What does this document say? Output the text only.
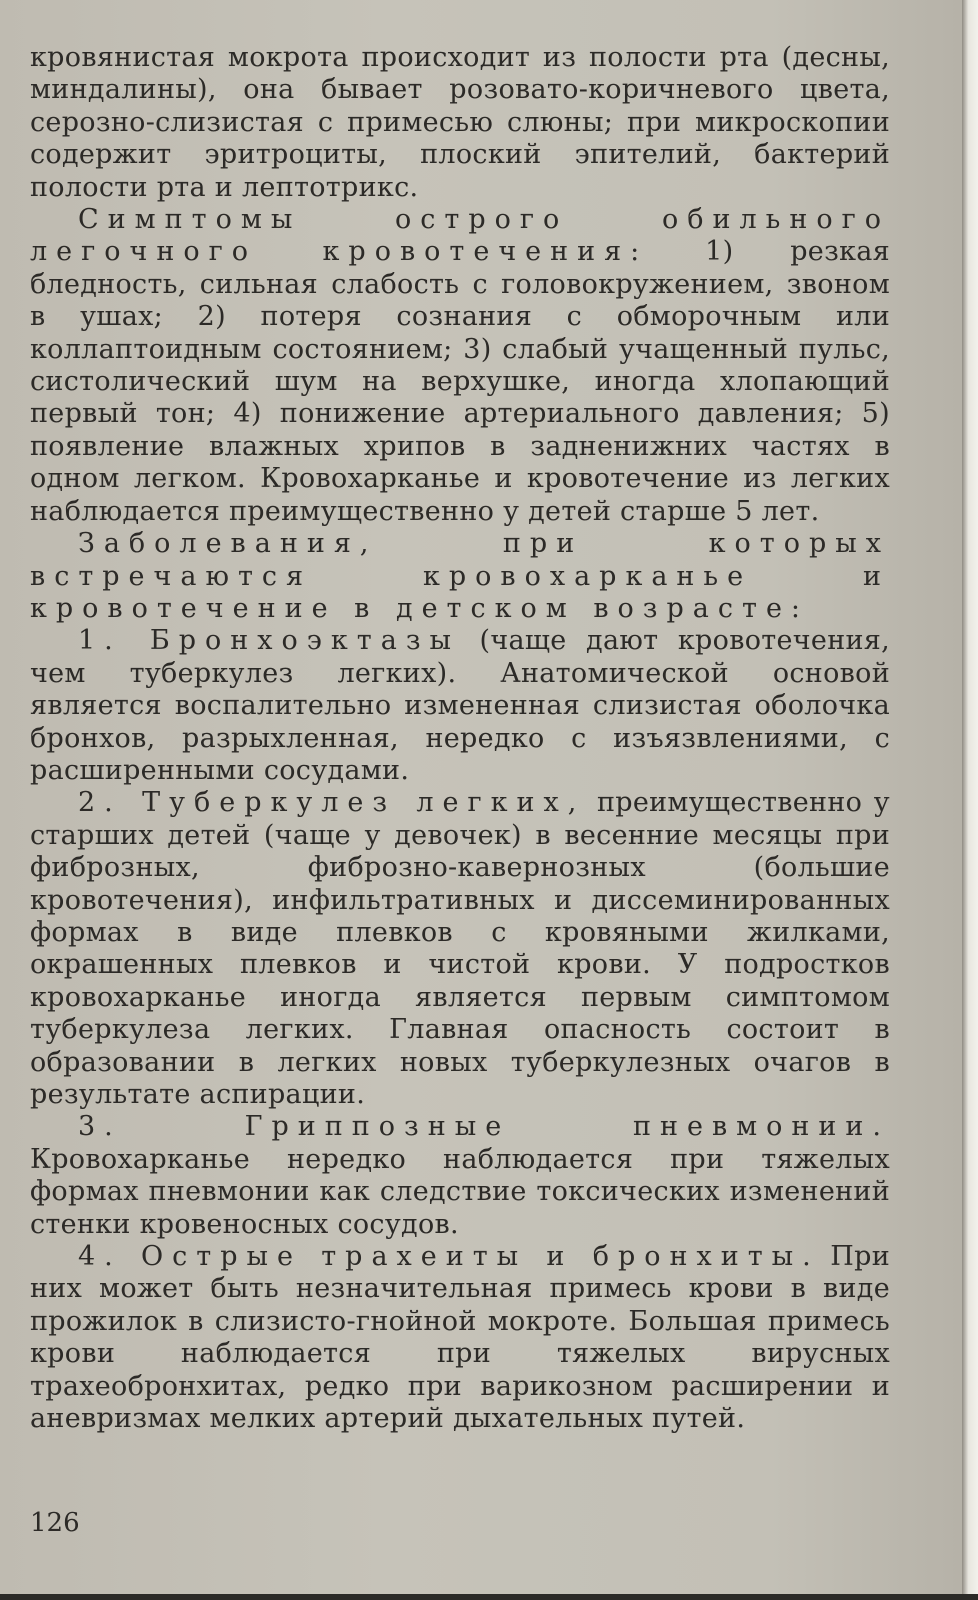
кровянистая мокрота происходит из полости рта (десны, миндалины), она бывает розовато-коричневого цвета, серозно-слизистая с примесью слюны; при микроскопии содержит эритроциты, плоский эпителий, бактерий полости рта и лептотрикс.

Симптомы острого обильного легочного кровотечения: 1) резкая бледность, сильная слабость с головокружением, звоном в ушах; 2) потеря сознания с обморочным или коллаптоидным состоянием; 3) слабый учащенный пульс, систолический шум на верхушке, иногда хлопающий первый тон; 4) понижение артериального давления; 5) появление влажных хрипов в задненижних частях в одном легком. Кровохарканье и кровотечение из легких наблюдается преимущественно у детей старше 5 лет.

Заболевания, при которых встречаются кровохарканье и кровотечение в детском возрасте:

1. Бронхоэктазы (чаще дают кровотечения, чем туберкулез легких). Анатомической основой является воспалительно измененная слизистая оболочка бронхов, разрыхленная, нередко с изъязвлениями, с расширенными сосудами.

2. Туберкулез легких, преимущественно у старших детей (чаще у девочек) в весенние месяцы при фиброзных, фиброзно-кавернозных (большие кровотечения), инфильтративных и диссеминированных формах в виде плевков с кровяными жилками, окрашенных плевков и чистой крови. У подростков кровохарканье иногда является первым симптомом туберкулеза легких. Главная опасность состоит в образовании в легких новых туберкулезных очагов в результате аспирации.

3. Гриппозные пневмонии. Кровохарканье нередко наблюдается при тяжелых формах пневмонии как следствие токсических изменений стенки кровеносных сосудов.

4. Острые трахеиты и бронхиты. При них может быть незначительная примесь крови в виде прожилок в слизисто-гнойной мокроте. Большая примесь крови наблюдается при тяжелых вирусных трахеобронхитах, редко при варикозном расширении и аневризмах мелких артерий дыхательных путей.

126
